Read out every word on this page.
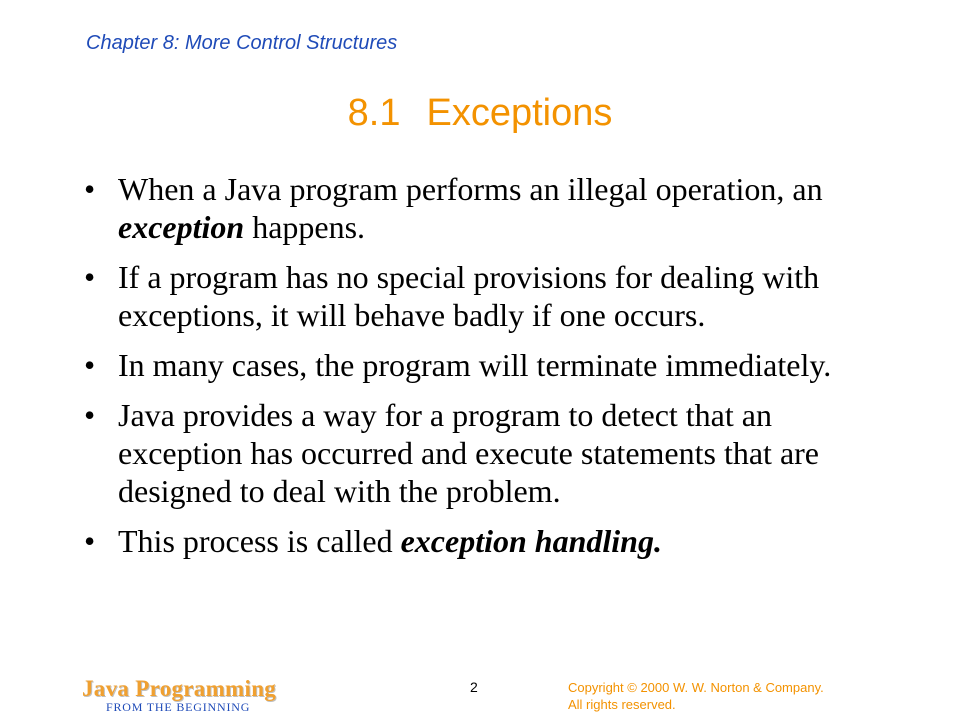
Chapter 8: More Control Structures
8.1 Exceptions
• When a Java program performs an illegal operation, an exception happens.
• If a program has no special provisions for dealing with exceptions, it will behave badly if one occurs.
• In many cases, the program will terminate immediately.
• Java provides a way for a program to detect that an exception has occurred and execute statements that are designed to deal with the problem.
• This process is called exception handling.
Java Programming
FROM THE BEGINNING
2	Copyright © 2000 W. W. Norton & Company.
All rights reserved.
